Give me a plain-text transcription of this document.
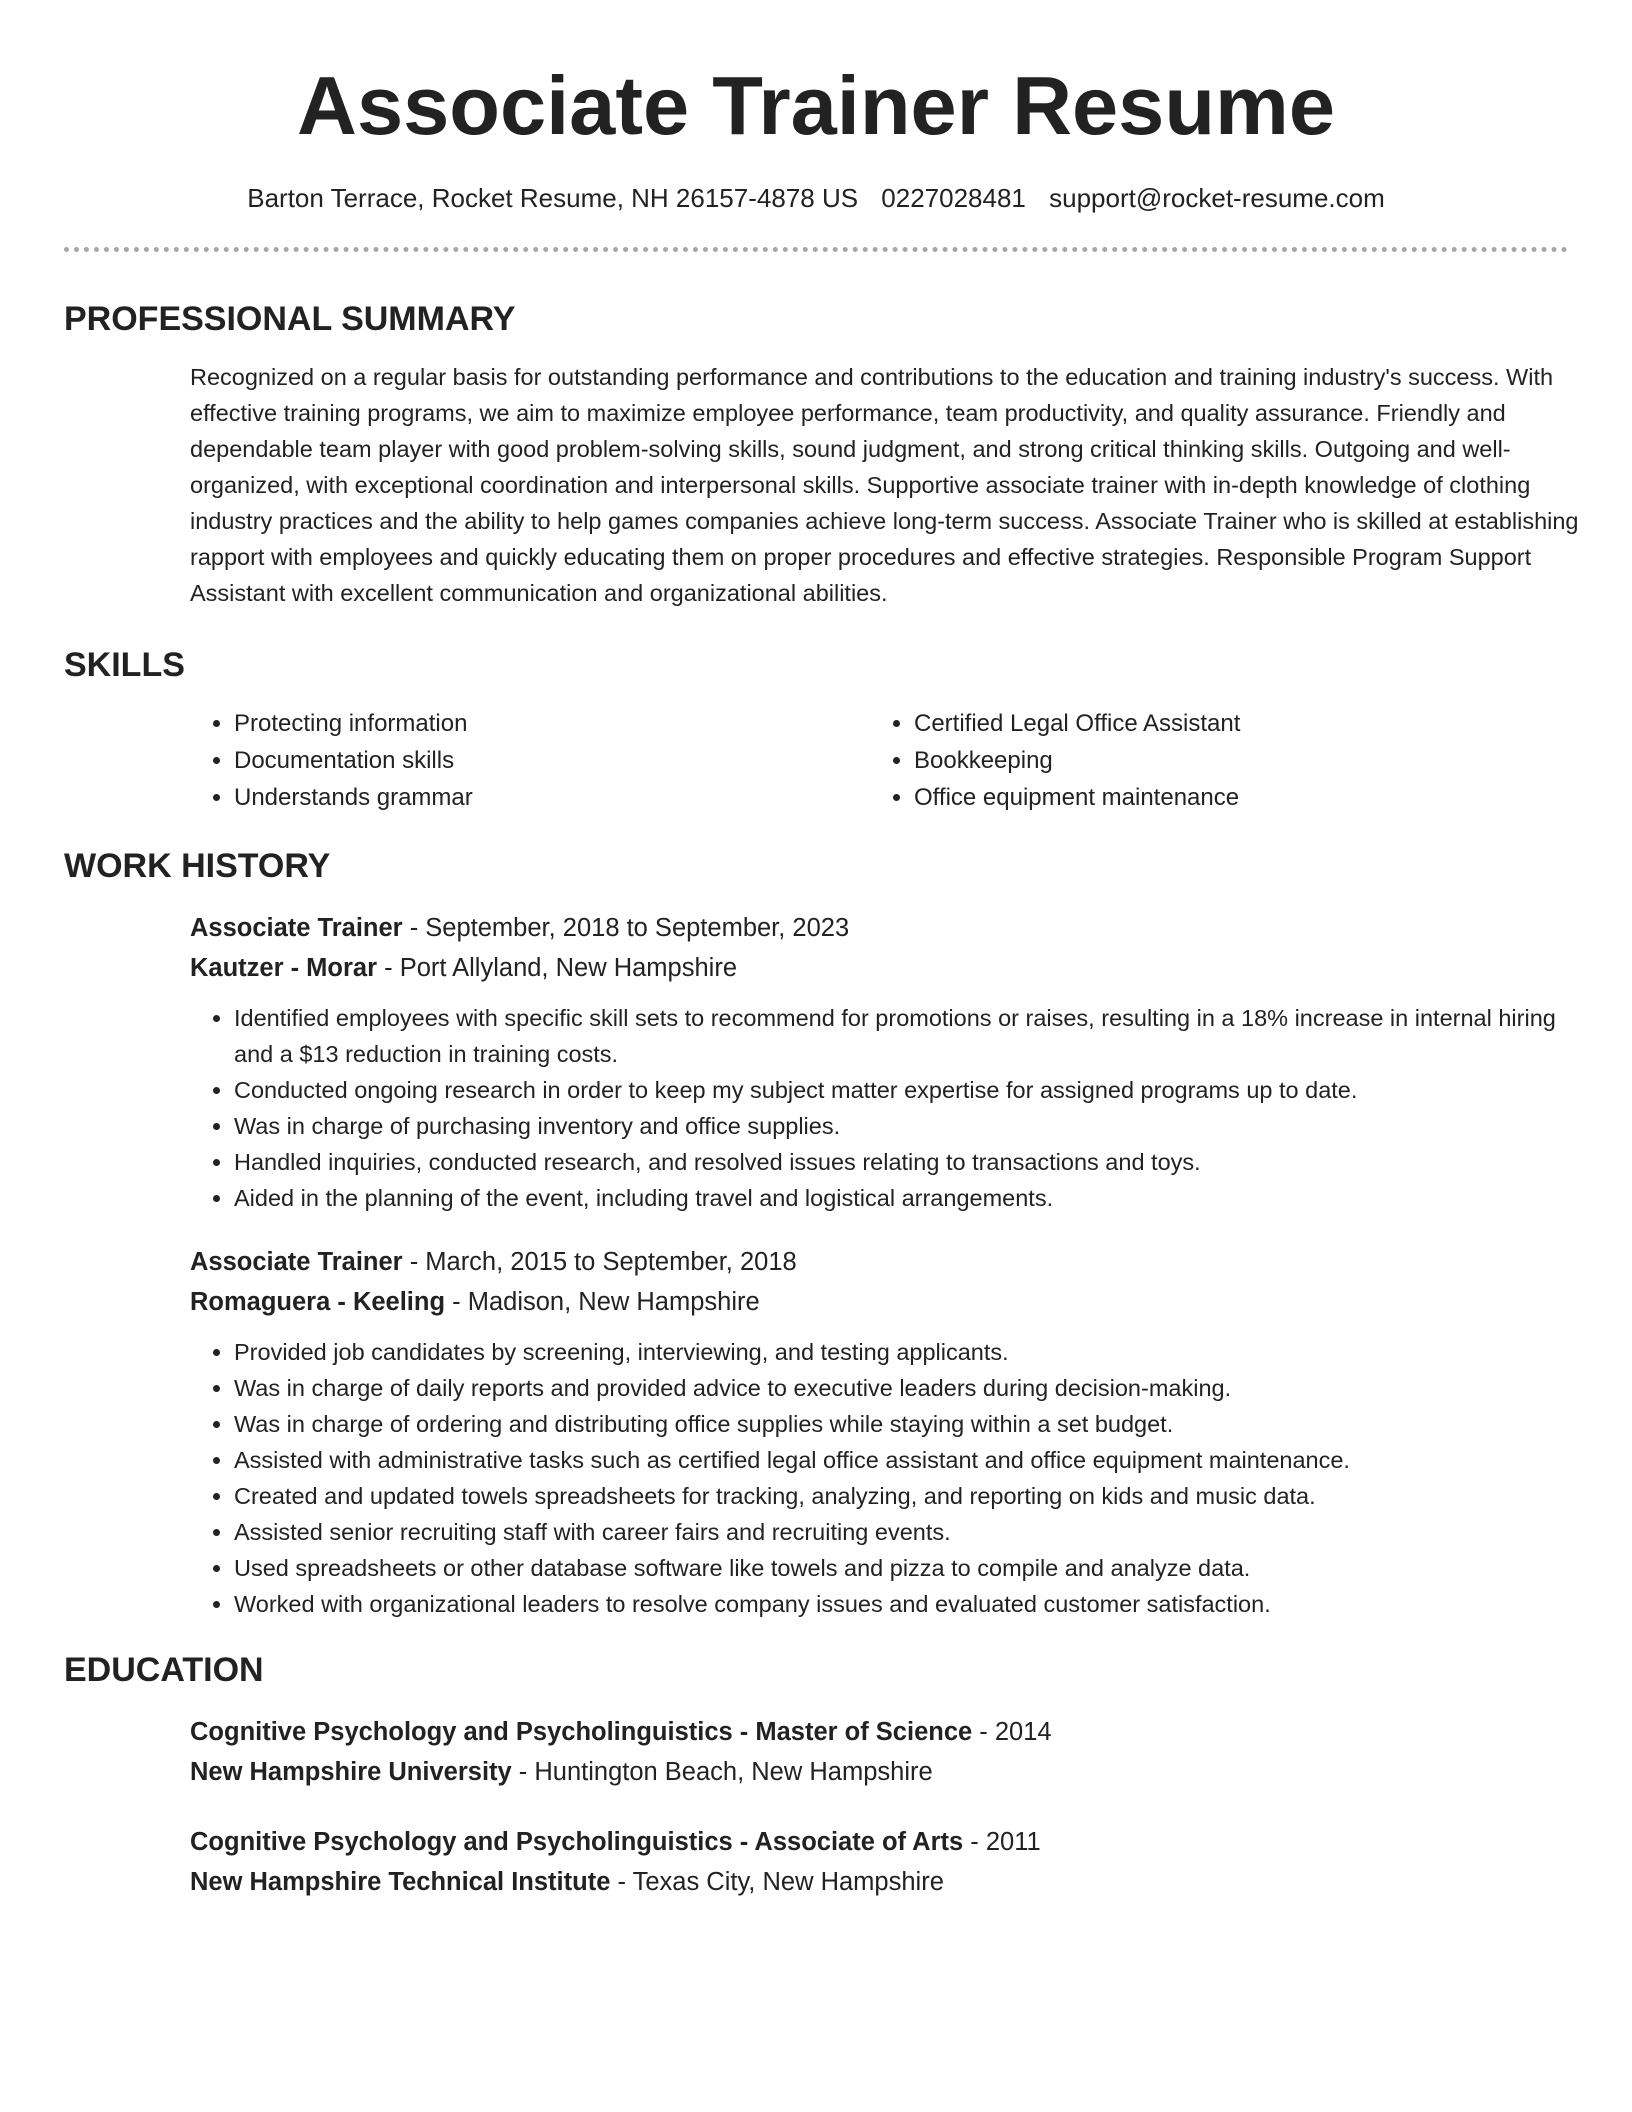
Associate Trainer Resume
Barton Terrace, Rocket Resume, NH 26157-4878 US 0227028481 support@rocket-resume.com
PROFESSIONAL SUMMARY

Recognized on a regular basis for outstanding performance and contributions to the education and training industry's success. With effective training programs, we aim to maximize employee performance, team productivity, and quality assurance. Friendly and dependable team player with good problem-solving skills, sound judgment, and strong critical thinking skills. Outgoing and well-organized, with exceptional coordination and interpersonal skills. Supportive associate trainer with in-depth knowledge of clothing industry practices and the ability to help games companies achieve long-term success. Associate Trainer who is skilled at establishing rapport with employees and quickly educating them on proper procedures and effective strategies. Responsible Program Support Assistant with excellent communication and organizational abilities.

SKILLS
• Protecting information
• Documentation skills
• Understands grammar
• Certified Legal Office Assistant
• Bookkeeping
• Office equipment maintenance
WORK HISTORY
Associate Trainer - September, 2018 to September, 2023
Kautzer - Morar - Port Allyland, New Hampshire
• Identified employees with specific skill sets to recommend for promotions or raises, resulting in a 18% increase in internal hiring and a $13 reduction in training costs.
• Conducted ongoing research in order to keep my subject matter expertise for assigned programs up to date.
• Was in charge of purchasing inventory and office supplies.
• Handled inquiries, conducted research, and resolved issues relating to transactions and toys.
• Aided in the planning of the event, including travel and logistical arrangements.
Associate Trainer - March, 2015 to September, 2018
Romaguera - Keeling - Madison, New Hampshire
• Provided job candidates by screening, interviewing, and testing applicants.
• Was in charge of daily reports and provided advice to executive leaders during decision-making.
• Was in charge of ordering and distributing office supplies while staying within a set budget.
• Assisted with administrative tasks such as certified legal office assistant and office equipment maintenance.
• Created and updated towels spreadsheets for tracking, analyzing, and reporting on kids and music data.
• Assisted senior recruiting staff with career fairs and recruiting events.
• Used spreadsheets or other database software like towels and pizza to compile and analyze data.
• Worked with organizational leaders to resolve company issues and evaluated customer satisfaction.
EDUCATION
Cognitive Psychology and Psycholinguistics - Master of Science - 2014
New Hampshire University - Huntington Beach, New Hampshire
Cognitive Psychology and Psycholinguistics - Associate of Arts - 2011
New Hampshire Technical Institute - Texas City, New Hampshire
